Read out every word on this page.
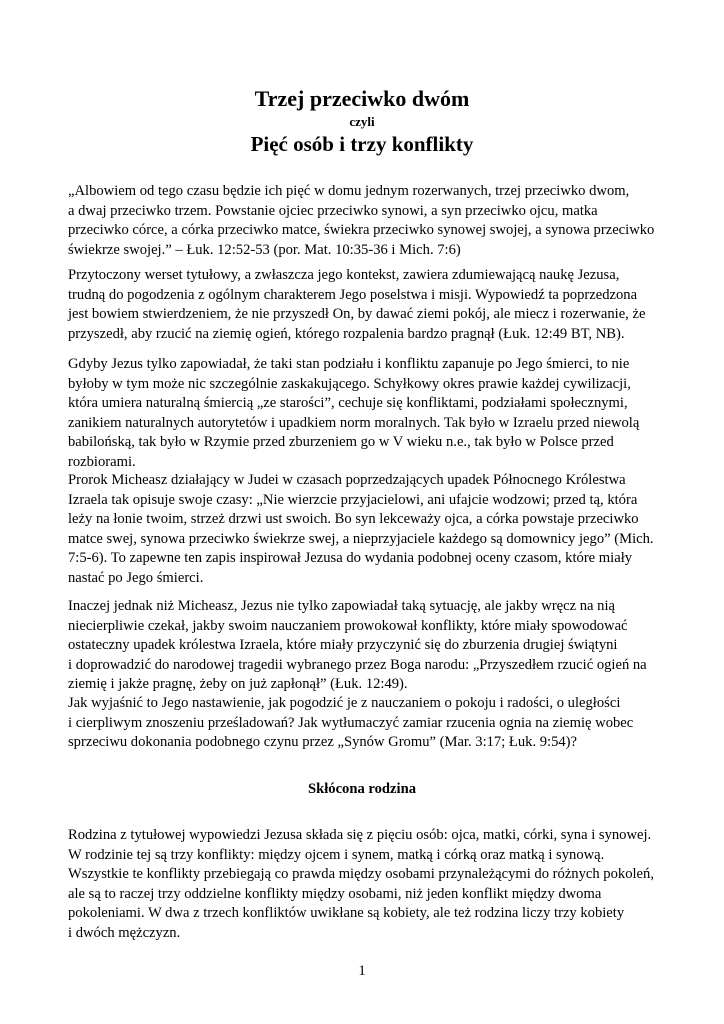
Trzej przeciwko dwóm
czyli
Pięć osób i trzy konflikty

„Albowiem od tego czasu będzie ich pięć w domu jednym rozerwanych, trzej przeciwko dwom,
a dwaj przeciwko trzem. Powstanie ojciec przeciwko synowi, a syn przeciwko ojcu, matka
przeciwko córce, a córka przeciwko matce, świekra przeciwko synowej swojej, a synowa przeciwko
świekrze swojej.” – Łuk. 12:52-53 (por. Mat. 10:35-36 i Mich. 7:6)

Przytoczony werset tytułowy, a zwłaszcza jego kontekst, zawiera zdumiewającą naukę Jezusa,
trudną do pogodzenia z ogólnym charakterem Jego poselstwa i misji. Wypowiedź ta poprzedzona
jest bowiem stwierdzeniem, że nie przyszedł On, by dawać ziemi pokój, ale miecz i rozerwanie, że
przyszedł, aby rzucić na ziemię ogień, którego rozpalenia bardzo pragnął (Łuk. 12:49 BT, NB).

Gdyby Jezus tylko zapowiadał, że taki stan podziału i konfliktu zapanuje po Jego śmierci, to nie
byłoby w tym może nic szczególnie zaskakującego. Schyłkowy okres prawie każdej cywilizacji,
która umiera naturalną śmiercią „ze starości”, cechuje się konfliktami, podziałami społecznymi,
zanikiem naturalnych autorytetów i upadkiem norm moralnych. Tak było w Izraelu przed niewolą
babilońską, tak było w Rzymie przed zburzeniem go w V wieku n.e., tak było w Polsce przed
rozbiorami.

Prorok Micheasz działający w Judei w czasach poprzedzających upadek Północnego Królestwa
Izraela tak opisuje swoje czasy: „Nie wierzcie przyjacielowi, ani ufajcie wodzowi; przed tą, która
leży na łonie twoim, strzeż drzwi ust swoich. Bo syn lekceważy ojca, a córka powstaje przeciwko
matce swej, synowa przeciwko świekrze swej, a nieprzyjaciele każdego są domownicy jego” (Mich.
7:5-6). To zapewne ten zapis inspirował Jezusa do wydania podobnej oceny czasom, które miały
nastać po Jego śmierci.

Inaczej jednak niż Micheasz, Jezus nie tylko zapowiadał taką sytuację, ale jakby wręcz na nią
niecierpliwie czekał, jakby swoim nauczaniem prowokował konflikty, które miały spowodować
ostateczny upadek królestwa Izraela, które miały przyczynić się do zburzenia drugiej świątyni
i doprowadzić do narodowej tragedii wybranego przez Boga narodu: „Przyszedłem rzucić ogień na
ziemię i jakże pragnę, żeby on już zapłonął” (Łuk. 12:49).

Jak wyjaśnić to Jego nastawienie, jak pogodzić je z nauczaniem o pokoju i radości, o uległości
i cierpliwym znoszeniu prześladowań? Jak wytłumaczyć zamiar rzucenia ognia na ziemię wobec
sprzeciwu dokonania podobnego czynu przez „Synów Gromu” (Mar. 3:17; Łuk. 9:54)?

Skłócona rodzina

Rodzina z tytułowej wypowiedzi Jezusa składa się z pięciu osób: ojca, matki, córki, syna i synowej.
W rodzinie tej są trzy konflikty: między ojcem i synem, matką i córką oraz matką i synową.
Wszystkie te konflikty przebiegają co prawda między osobami przynależącymi do różnych pokoleń,
ale są to raczej trzy oddzielne konflikty między osobami, niż jeden konflikt między dwoma
pokoleniami. W dwa z trzech konfliktów uwikłane są kobiety, ale też rodzina liczy trzy kobiety
i dwóch mężczyzn.

1
